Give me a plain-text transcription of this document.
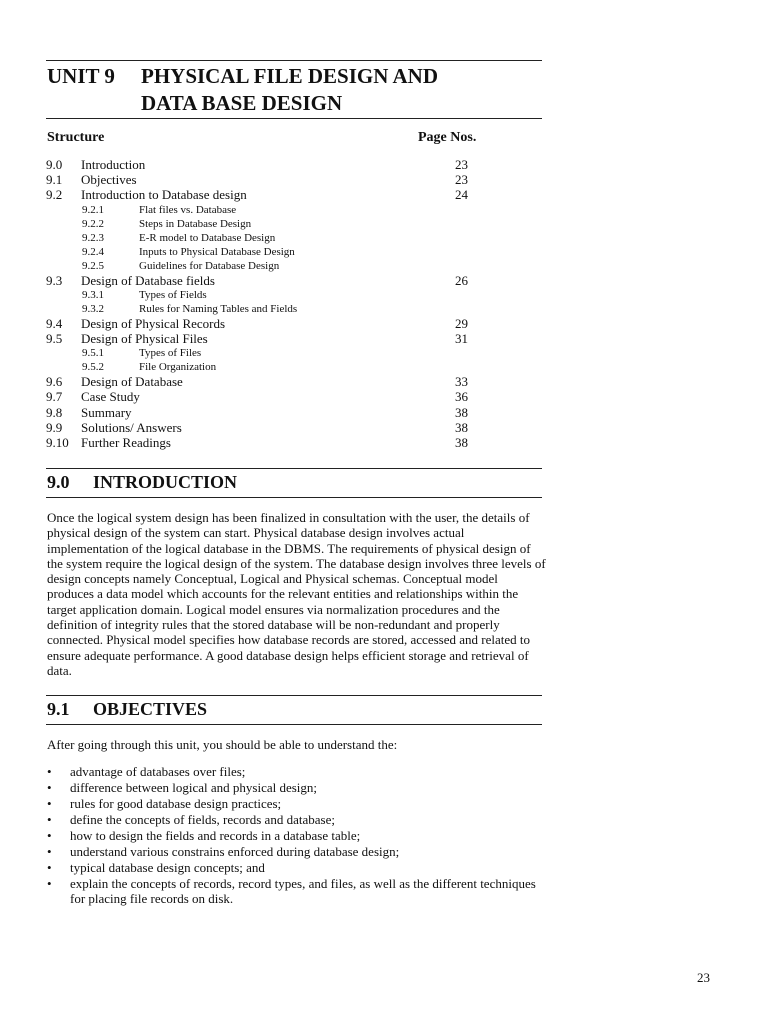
UNIT 9 PHYSICAL FILE DESIGN AND
DATA BASE DESIGN
Structure	Page Nos.
9.0 Introduction	23
9.1 Objectives	23
9.2 Introduction to Database design	24
9.2.1	Flat files vs. Database
9.2.2	Steps in Database Design
9.2.3	E-R model to Database Design
9.2.4	Inputs to Physical Database Design
9.2.5	Guidelines for Database Design
9.3 Design of Database fields	26
9.3.1	Types of Fields
9.3.2	Rules for Naming Tables and Fields
9.4 Design of Physical Records	29
9.5 Design of Physical Files	31
9.5.1	Types of Files
9.5.2	File Organization
9.6 Design of Database	33
9.7 Case Study	36
9.8 Summary	38
9.9 Solutions/ Answers	38
9.10 Further Readings	38
9.0 INTRODUCTION

Once the logical system design has been finalized in consultation with the user, the details of physical design of the system can start. Physical database design involves actual implementation of the logical database in the DBMS. The requirements of physical design of the system require the logical design of the system. The database design involves three levels of design concepts namely Conceptual, Logical and Physical schemas. Conceptual model produces a data model which accounts for the relevant entities and relationships within the target application domain. Logical model ensures via normalization procedures and the definition of integrity rules that the stored database will be non-redundant and properly connected. Physical model specifies how database records are stored, accessed and related to ensure adequate performance. A good database design helps efficient storage and retrieval of data.

9.1 OBJECTIVES

After going through this unit, you should be able to understand the:

• advantage of databases over files;
• difference between logical and physical design;
• rules for good database design practices;
• define the concepts of fields, records and database;
• how to design the fields and records in a database table;
• understand various constrains enforced during database design;
• typical database design concepts; and
• explain the concepts of records, record types, and files, as well as the different techniques for placing file records on disk.
23
